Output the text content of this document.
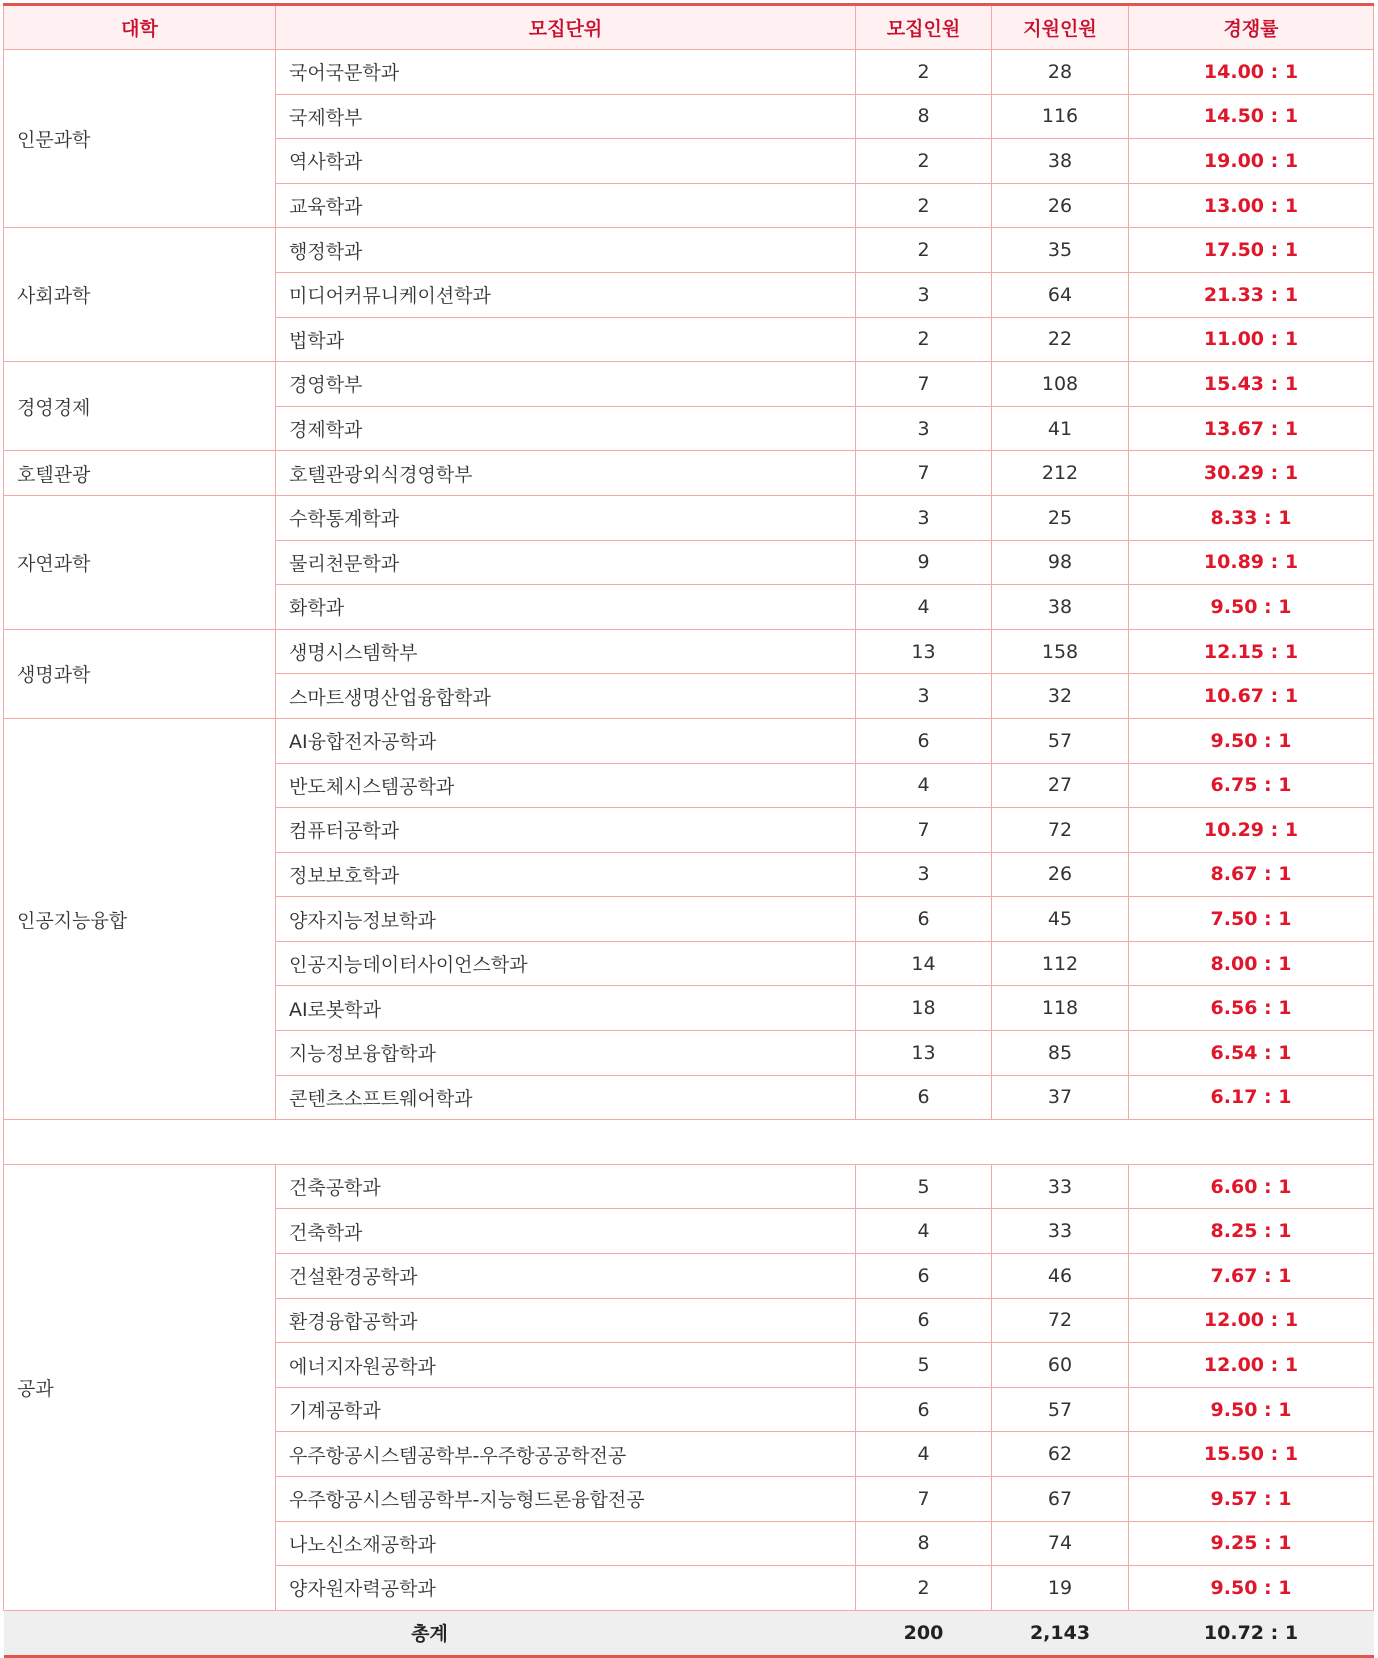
대학	모집단위	모집인원	지원인원	경쟁률
인문과학	국어국문학과	2	28	14.00 : 1
	국제학부	8	116	14.50 : 1
	역사학과	2	38	19.00 : 1
	교육학과	2	26	13.00 : 1
사회과학	행정학과	2	35	17.50 : 1
	미디어커뮤니케이션학과	3	64	21.33 : 1
	법학과	2	22	11.00 : 1
경영경제	경영학부	7	108	15.43 : 1
	경제학과	3	41	13.67 : 1
호텔관광	호텔관광외식경영학부	7	212	30.29 : 1
자연과학	수학통계학과	3	25	8.33 : 1
	물리천문학과	9	98	10.89 : 1
	화학과	4	38	9.50 : 1
생명과학	생명시스템학부	13	158	12.15 : 1
	스마트생명산업융합학과	3	32	10.67 : 1
인공지능융합	AI융합전자공학과	6	57	9.50 : 1
	반도체시스템공학과	4	27	6.75 : 1
	컴퓨터공학과	7	72	10.29 : 1
	정보보호학과	3	26	8.67 : 1
	양자지능정보학과	6	45	7.50 : 1
	인공지능데이터사이언스학과	14	112	8.00 : 1
	AI로봇학과	18	118	6.56 : 1
	지능정보융합학과	13	85	6.54 : 1
	콘텐츠소프트웨어학과	6	37	6.17 : 1

공과	건축공학과	5	33	6.60 : 1
	건축학과	4	33	8.25 : 1
	건설환경공학과	6	46	7.67 : 1
	환경융합공학과	6	72	12.00 : 1
	에너지자원공학과	5	60	12.00 : 1
	기계공학과	6	57	9.50 : 1
	우주항공시스템공학부-우주항공공학전공	4	62	15.50 : 1
	우주항공시스템공학부-지능형드론융합전공	7	67	9.57 : 1
	나노신소재공학과	8	74	9.25 : 1
	양자원자력공학과	2	19	9.50 : 1
총계		200	2,143	10.72 : 1
